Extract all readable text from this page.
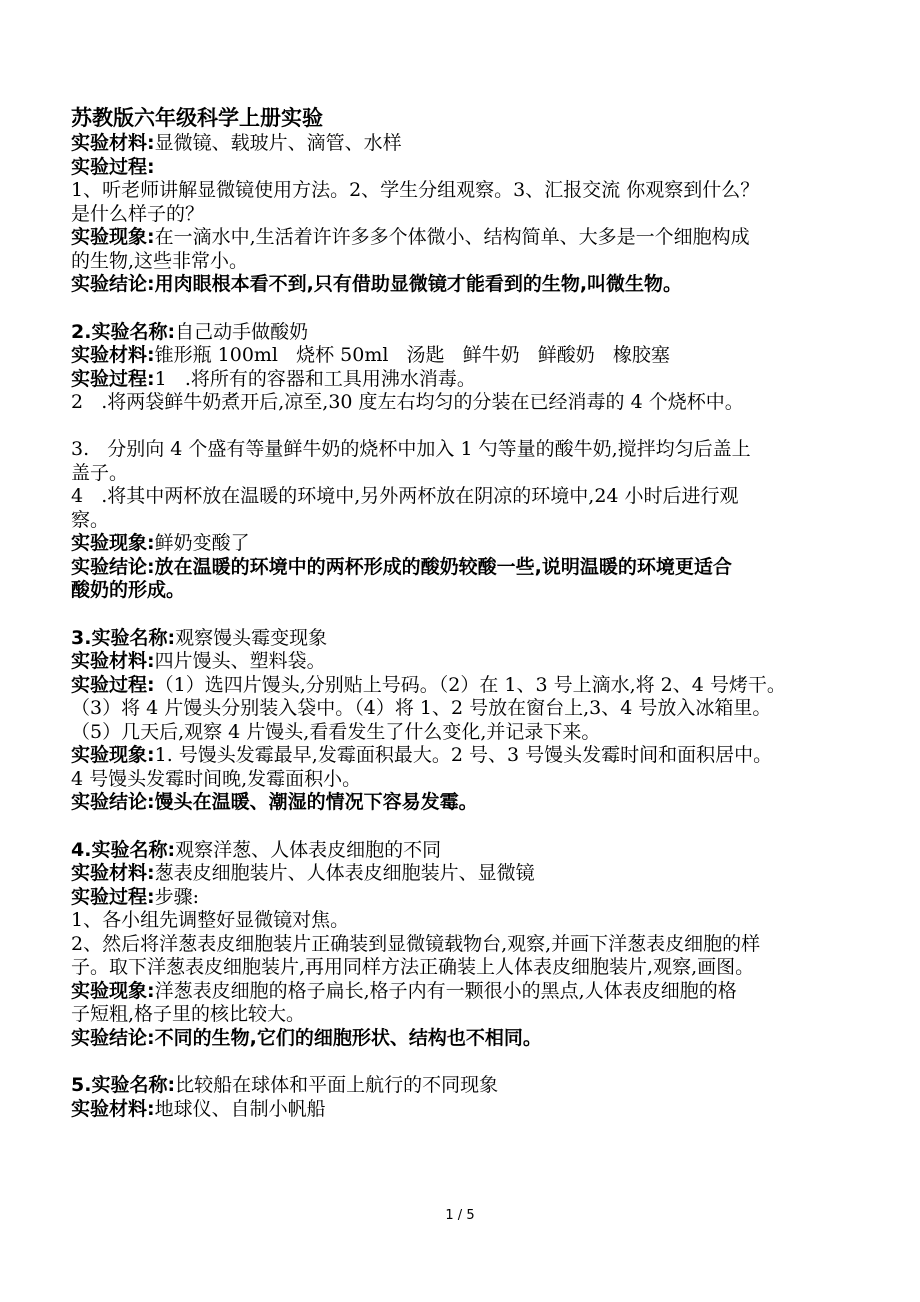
苏教版六年级科学上册实验
实验材料:显微镜、载玻片、滴管、水样
实验过程:
1、听老师讲解显微镜使用方法。2、学生分组观察。3、汇报交流 你观察到什么？
是什么样子的？
实验现象:在一滴水中,生活着许许多多个体微小、结构简单、大多是一个细胞构成
的生物,这些非常小。
实验结论:用肉眼根本看不到,只有借助显微镜才能看到的生物,叫微生物。
2.实验名称:自己动手做酸奶
实验材料:锥形瓶 100ml   烧杯 50ml   汤匙   鲜牛奶   鲜酸奶   橡胶塞
实验过程:1   .将所有的容器和工具用沸水消毒。
2   .将两袋鲜牛奶煮开后,凉至,30 度左右均匀的分装在已经消毒的 4 个烧杯中。

3.   分别向 4 个盛有等量鲜牛奶的烧杯中加入 1 勺等量的酸牛奶,搅拌均匀后盖上
盖子。
4   .将其中两杯放在温暖的环境中,另外两杯放在阴凉的环境中,24 小时后进行观
察。
实验现象:鲜奶变酸了
实验结论:放在温暖的环境中的两杯形成的酸奶较酸一些,说明温暖的环境更适合
酸奶的形成。
3.实验名称:观察馒头霉变现象
实验材料:四片馒头、塑料袋。
实验过程:（1）选四片馒头,分别贴上号码。（2）在 1、3 号上滴水,将 2、4 号烤干。
（3）将 4 片馒头分别装入袋中。（4）将 1、2 号放在窗台上,3、4 号放入冰箱里。
（5）几天后,观察 4 片馒头,看看发生了什么变化,并记录下来。
实验现象:1. 号馒头发霉最早,发霉面积最大。2 号、3 号馒头发霉时间和面积居中。
4 号馒头发霉时间晚,发霉面积小。
实验结论:馒头在温暖、潮湿的情况下容易发霉。
4.实验名称:观察洋葱、人体表皮细胞的不同
实验材料:葱表皮细胞装片、人体表皮细胞装片、显微镜
实验过程:步骤:
1、各小组先调整好显微镜对焦。
2、然后将洋葱表皮细胞装片正确装到显微镜载物台,观察,并画下洋葱表皮细胞的样
子。取下洋葱表皮细胞装片,再用同样方法正确装上人体表皮细胞装片,观察,画图。
实验现象:洋葱表皮细胞的格子扁长,格子内有一颗很小的黑点,人体表皮细胞的格
子短粗,格子里的核比较大。
实验结论:不同的生物,它们的细胞形状、结构也不相同。
5.实验名称:比较船在球体和平面上航行的不同现象
实验材料:地球仪、自制小帆船
1 / 5
